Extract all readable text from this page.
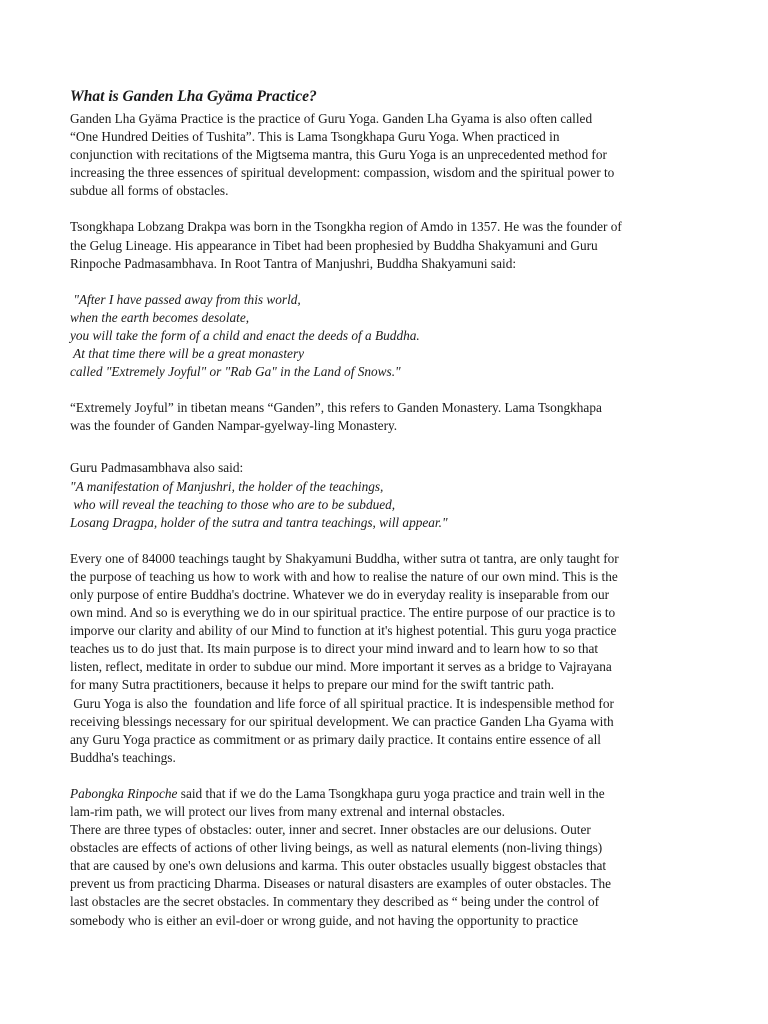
What is Ganden Lha Gyäma Practice?

Ganden Lha Gyäma Practice is the practice of Guru Yoga. Ganden Lha Gyama is also often called

“One Hundred Deities of Tushita”. This is Lama Tsongkhapa Guru Yoga. When practiced in

conjunction with recitations of the Migtsema mantra, this Guru Yoga is an unprecedented method for

increasing the three essences of spiritual development: compassion, wisdom and the spiritual power to

subdue all forms of obstacles.

Tsongkhapa Lobzang Drakpa was born in the Tsongkha region of Amdo in 1357. He was the founder of

the Gelug Lineage. His appearance in Tibet had been prophesied by Buddha Shakyamuni and Guru

Rinpoche Padmasambhava. In Root Tantra of Manjushri, Buddha Shakyamuni said:

"After I have passed away from this world,

when the earth becomes desolate,

you will take the form of a child and enact the deeds of a Buddha.

At that time there will be a great monastery

called "Extremely Joyful" or "Rab Ga" in the Land of Snows."

“Extremely Joyful” in tibetan means “Ganden”, this refers to Ganden Monastery. Lama Tsongkhapa

was the founder of Ganden Nampar-gyelway-ling Monastery.

Guru Padmasambhava also said:

"A manifestation of Manjushri, the holder of the teachings,

who will reveal the teaching to those who are to be subdued,

Losang Dragpa, holder of the sutra and tantra teachings, will appear."

Every one of 84000 teachings taught by Shakyamuni Buddha, wither sutra ot tantra, are only taught for

the purpose of teaching us how to work with and how to realise the nature of our own mind. This is the

only purpose of entire Buddha's doctrine. Whatever we do in everyday reality is inseparable from our

own mind. And so is everything we do in our spiritual practice. The entire purpose of our practice is to

imporve our clarity and ability of our Mind to function at it's highest potential. This guru yoga practice

teaches us to do just that. Its main purpose is to direct your mind inward and to learn how to so that

listen, reflect, meditate in order to subdue our mind. More important it serves as a bridge to Vajrayana

for many Sutra practitioners, because it helps to prepare our mind for the swift tantric path.

Guru Yoga is also the  foundation and life force of all spiritual practice. It is indespensible method for

receiving blessings necessary for our spiritual development. We can practice Ganden Lha Gyama with

any Guru Yoga practice as commitment or as primary daily practice. It contains entire essence of all

Buddha's teachings.

Pabongka Rinpoche said that if we do the Lama Tsongkhapa guru yoga practice and train well in the

lam-rim path, we will protect our lives from many extrenal and internal obstacles.

There are three types of obstacles: outer, inner and secret. Inner obstacles are our delusions. Outer

obstacles are effects of actions of other living beings, as well as natural elements (non-living things)

that are caused by one's own delusions and karma. This outer obstacles usually biggest obstacles that

prevent us from practicing Dharma. Diseases or natural disasters are examples of outer obstacles. The

last obstacles are the secret obstacles. In commentary they described as “ being under the control of

somebody who is either an evil-doer or wrong guide, and not having the opportunity to practice
